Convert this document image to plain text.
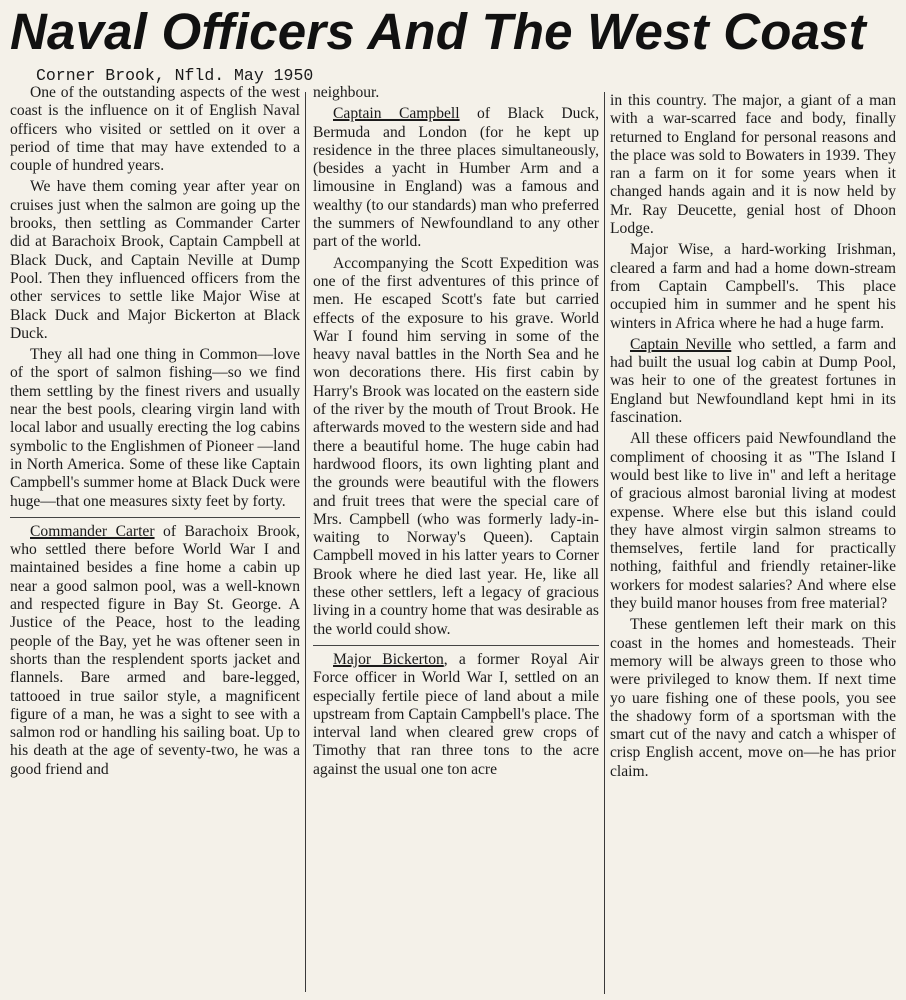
Naval Officers And The West Coast
Corner Brook, Nfld. May 1950

One of the outstanding aspects of the west coast is the influence on it of English Naval officers who visited or settled on it over a period of time that may have extended to a couple of hundred years.

We have them coming year after year on cruises just when the salmon are going up the brooks, then settling as Commander Carter did at Barachoix Brook, Captain Campbell at Black Duck, and Captain Neville at Dump Pool. Then they influenced officers from the other services to settle like Major Wise at Black Duck and Major Bickerton at Black Duck.

They all had one thing in Common—love of the sport of salmon fishing—so we find them settling by the finest rivers and usually near the best pools, clearing virgin land with local labor and usually erecting the log cabins symbolic to the Englishmen of Pioneer —land in North America. Some of these like Captain Campbell's summer home at Black Duck were huge—that one measures sixty feet by forty.

Commander Carter of Barachoix Brook, who settled there before World War I and maintained besides a fine home a cabin up near a good salmon pool, was a well-known and respected figure in Bay St. George. A Justice of the Peace, host to the leading people of the Bay, yet he was oftener seen in shorts than the resplendent sports jacket and flannels. Bare armed and bare-legged, tattooed in true sailor style, a magnificent figure of a man, he was a sight to see with a salmon rod or handling his sailing boat. Up to his death at the age of seventy-two, he was a good friend and

neighbour.

Captain Campbell of Black Duck, Bermuda and London (for he kept up residence in the three places simultaneously, (besides a yacht in Humber Arm and a limousine in England) was a famous and wealthy (to our standards) man who preferred the summers of Newfoundland to any other part of the world.

Accompanying the Scott Expedition was one of the first adventures of this prince of men. He escaped Scott's fate but carried effects of the exposure to his grave. World War I found him serving in some of the heavy naval battles in the North Sea and he won decorations there. His first cabin by Harry's Brook was located on the eastern side of the river by the mouth of Trout Brook. He afterwards moved to the western side and had there a beautiful home. The huge cabin had hardwood floors, its own lighting plant and the grounds were beautiful with the flowers and fruit trees that were the special care of Mrs. Campbell (who was formerly lady-in-waiting to Norway's Queen). Captain Campbell moved in his latter years to Corner Brook where he died last year. He, like all these other settlers, left a legacy of gracious living in a country home that was desirable as the world could show.

Major Bickerton, a former Royal Air Force officer in World War I, settled on an especially fertile piece of land about a mile upstream from Captain Campbell's place. The interval land when cleared grew crops of Timothy that ran three tons to the acre against the usual one ton acre

in this country. The major, a giant of a man with a war-scarred face and body, finally returned to England for personal reasons and the place was sold to Bowaters in 1939. They ran a farm on it for some years when it changed hands again and it is now held by Mr. Ray Deucette, genial host of Dhoon Lodge.

Major Wise, a hard-working Irishman, cleared a farm and had a home down-stream from Captain Campbell's. This place occupied him in summer and he spent his winters in Africa where he had a huge farm.

Captain Neville who settled, a farm and had built the usual log cabin at Dump Pool, was heir to one of the greatest fortunes in England but Newfoundland kept hmi in its fascination.

All these officers paid Newfoundland the compliment of choosing it as "The Island I would best like to live in" and left a heritage of gracious almost baronial living at modest expense. Where else but this island could they have almost virgin salmon streams to themselves, fertile land for practically nothing, faithful and friendly retainer-like workers for modest salaries? And where else they build manor houses from free material?

These gentlemen left their mark on this coast in the homes and homesteads. Their memory will be always green to those who were privileged to know them. If next time yo uare fishing one of these pools, you see the shadowy form of a sportsman with the smart cut of the navy and catch a whisper of crisp English accent, move on—he has prior claim.
